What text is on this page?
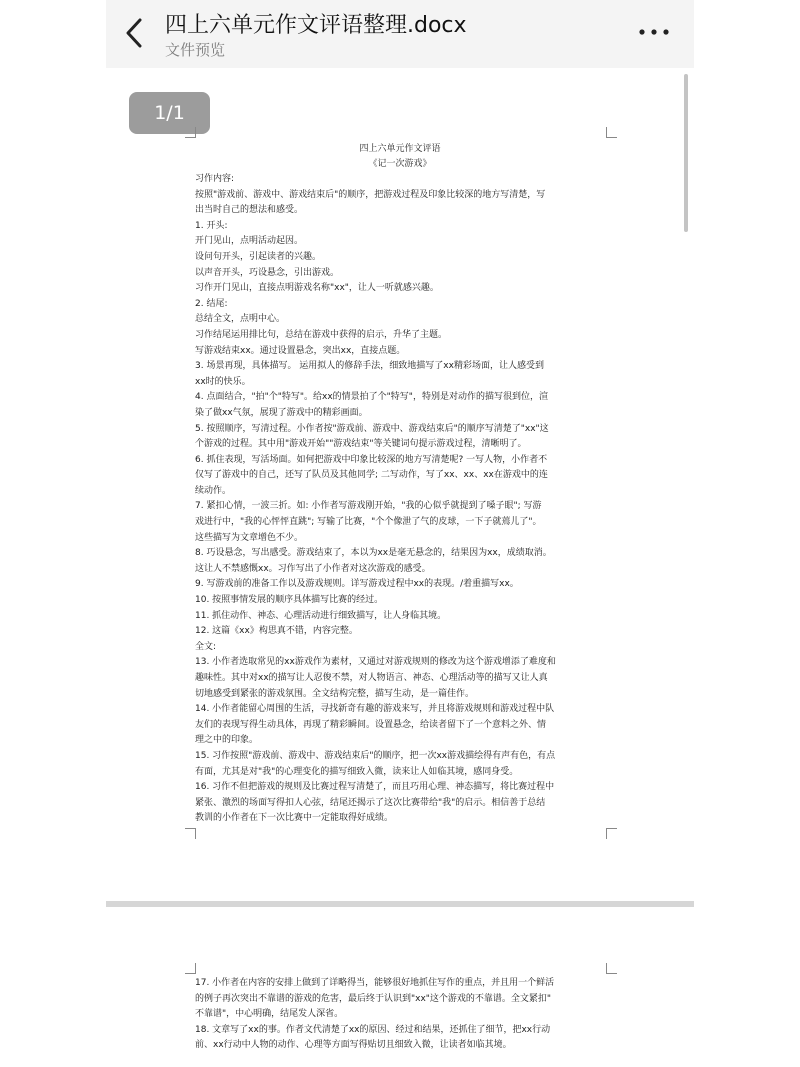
四上六单元作文评语整理.docx
文件预览
1/1
四上六单元作文评语
《记一次游戏》

习作内容:

按照"游戏前、游戏中、游戏结束后"的顺序，把游戏过程及印象比较深的地方写清楚，写

出当时自己的想法和感受。

1. 开头:

开门见山，点明活动起因。

设问句开头，引起读者的兴趣。

以声音开头，巧设悬念，引出游戏。

习作开门见山，直接点明游戏名称"xx"，让人一听就感兴趣。

2. 结尾:

总结全文，点明中心。

习作结尾运用排比句，总结在游戏中获得的启示，升华了主题。

写游戏结束xx。通过设置悬念，突出xx，直接点题。

3. 场景再现，具体描写。 运用拟人的修辞手法，细致地描写了xx精彩场面，让人感受到

xx时的快乐。

4. 点面结合，"拍"个"特写"。给xx的情景拍了个"特写"，特别是对动作的描写很到位，渲

染了做xx气氛，展现了游戏中的精彩画面。

5. 按照顺序，写清过程。小作者按"游戏前、游戏中、游戏结束后"的顺序写清楚了"xx"这

个游戏的过程。其中用"游戏开始""游戏结束"等关键词句提示游戏过程，清晰明了。

6. 抓住表现，写活场面。如何把游戏中印象比较深的地方写清楚呢? 一写人物，小作者不

仅写了游戏中的自己，还写了队员及其他同学; 二写动作，写了xx、xx、xx在游戏中的连

续动作。

7. 紧扣心情，一波三折。如: 小作者写游戏刚开始，"我的心似乎就提到了嗓子眼"; 写游

戏进行中，"我的心怦怦直跳"; 写输了比赛，"个个像泄了气的皮球，一下子就蔫儿了"。

这些描写为文章增色不少。

8. 巧设悬念，写出感受。游戏结束了，本以为xx是毫无悬念的，结果因为xx，成绩取消。

这让人不禁感慨xx。习作写出了小作者对这次游戏的感受。

9. 写游戏前的准备工作以及游戏规则。详写游戏过程中xx的表现。/着重描写xx。

10. 按照事情发展的顺序具体描写比赛的经过。

11. 抓住动作、神态、心理活动进行细致描写，让人身临其境。

12. 这篇《xx》构思真不错，内容完整。

全文:

13. 小作者选取常见的xx游戏作为素材，又通过对游戏规则的修改为这个游戏增添了难度和

趣味性。其中对xx的描写让人忍俊不禁，对人物语言、神态、心理活动等的描写又让人真

切地感受到紧张的游戏氛围。全文结构完整，描写生动，是一篇佳作。

14. 小作者能留心周围的生活，寻找新奇有趣的游戏来写，并且将游戏规则和游戏过程中队

友们的表现写得生动具体，再现了精彩瞬间。设置悬念，给读者留下了一个意料之外、情

理之中的印象。

15. 习作按照"游戏前、游戏中、游戏结束后"的顺序，把一次xx游戏描绘得有声有色，有点

有面，尤其是对"我"的心理变化的描写细致入微，读来让人如临其境，感同身受。

16. 习作不但把游戏的规则及比赛过程写清楚了，而且巧用心理、神态描写，将比赛过程中

紧张、激烈的场面写得扣人心弦，结尾还揭示了这次比赛带给"我"的启示。相信善于总结

教训的小作者在下一次比赛中一定能取得好成绩。

17. 小作者在内容的安排上做到了详略得当，能够很好地抓住写作的重点，并且用一个鲜活

的例子再次突出不靠谱的游戏的危害，最后终于认识到"xx"这个游戏的不靠谱。全文紧扣"

不靠谱"，中心明确，结尾发人深省。

18. 文章写了xx的事。作者文代清楚了xx的原因、经过和结果，还抓住了细节，把xx行动

前、xx行动中人物的动作、心理等方面写得贴切且细致入微，让读者如临其境。
